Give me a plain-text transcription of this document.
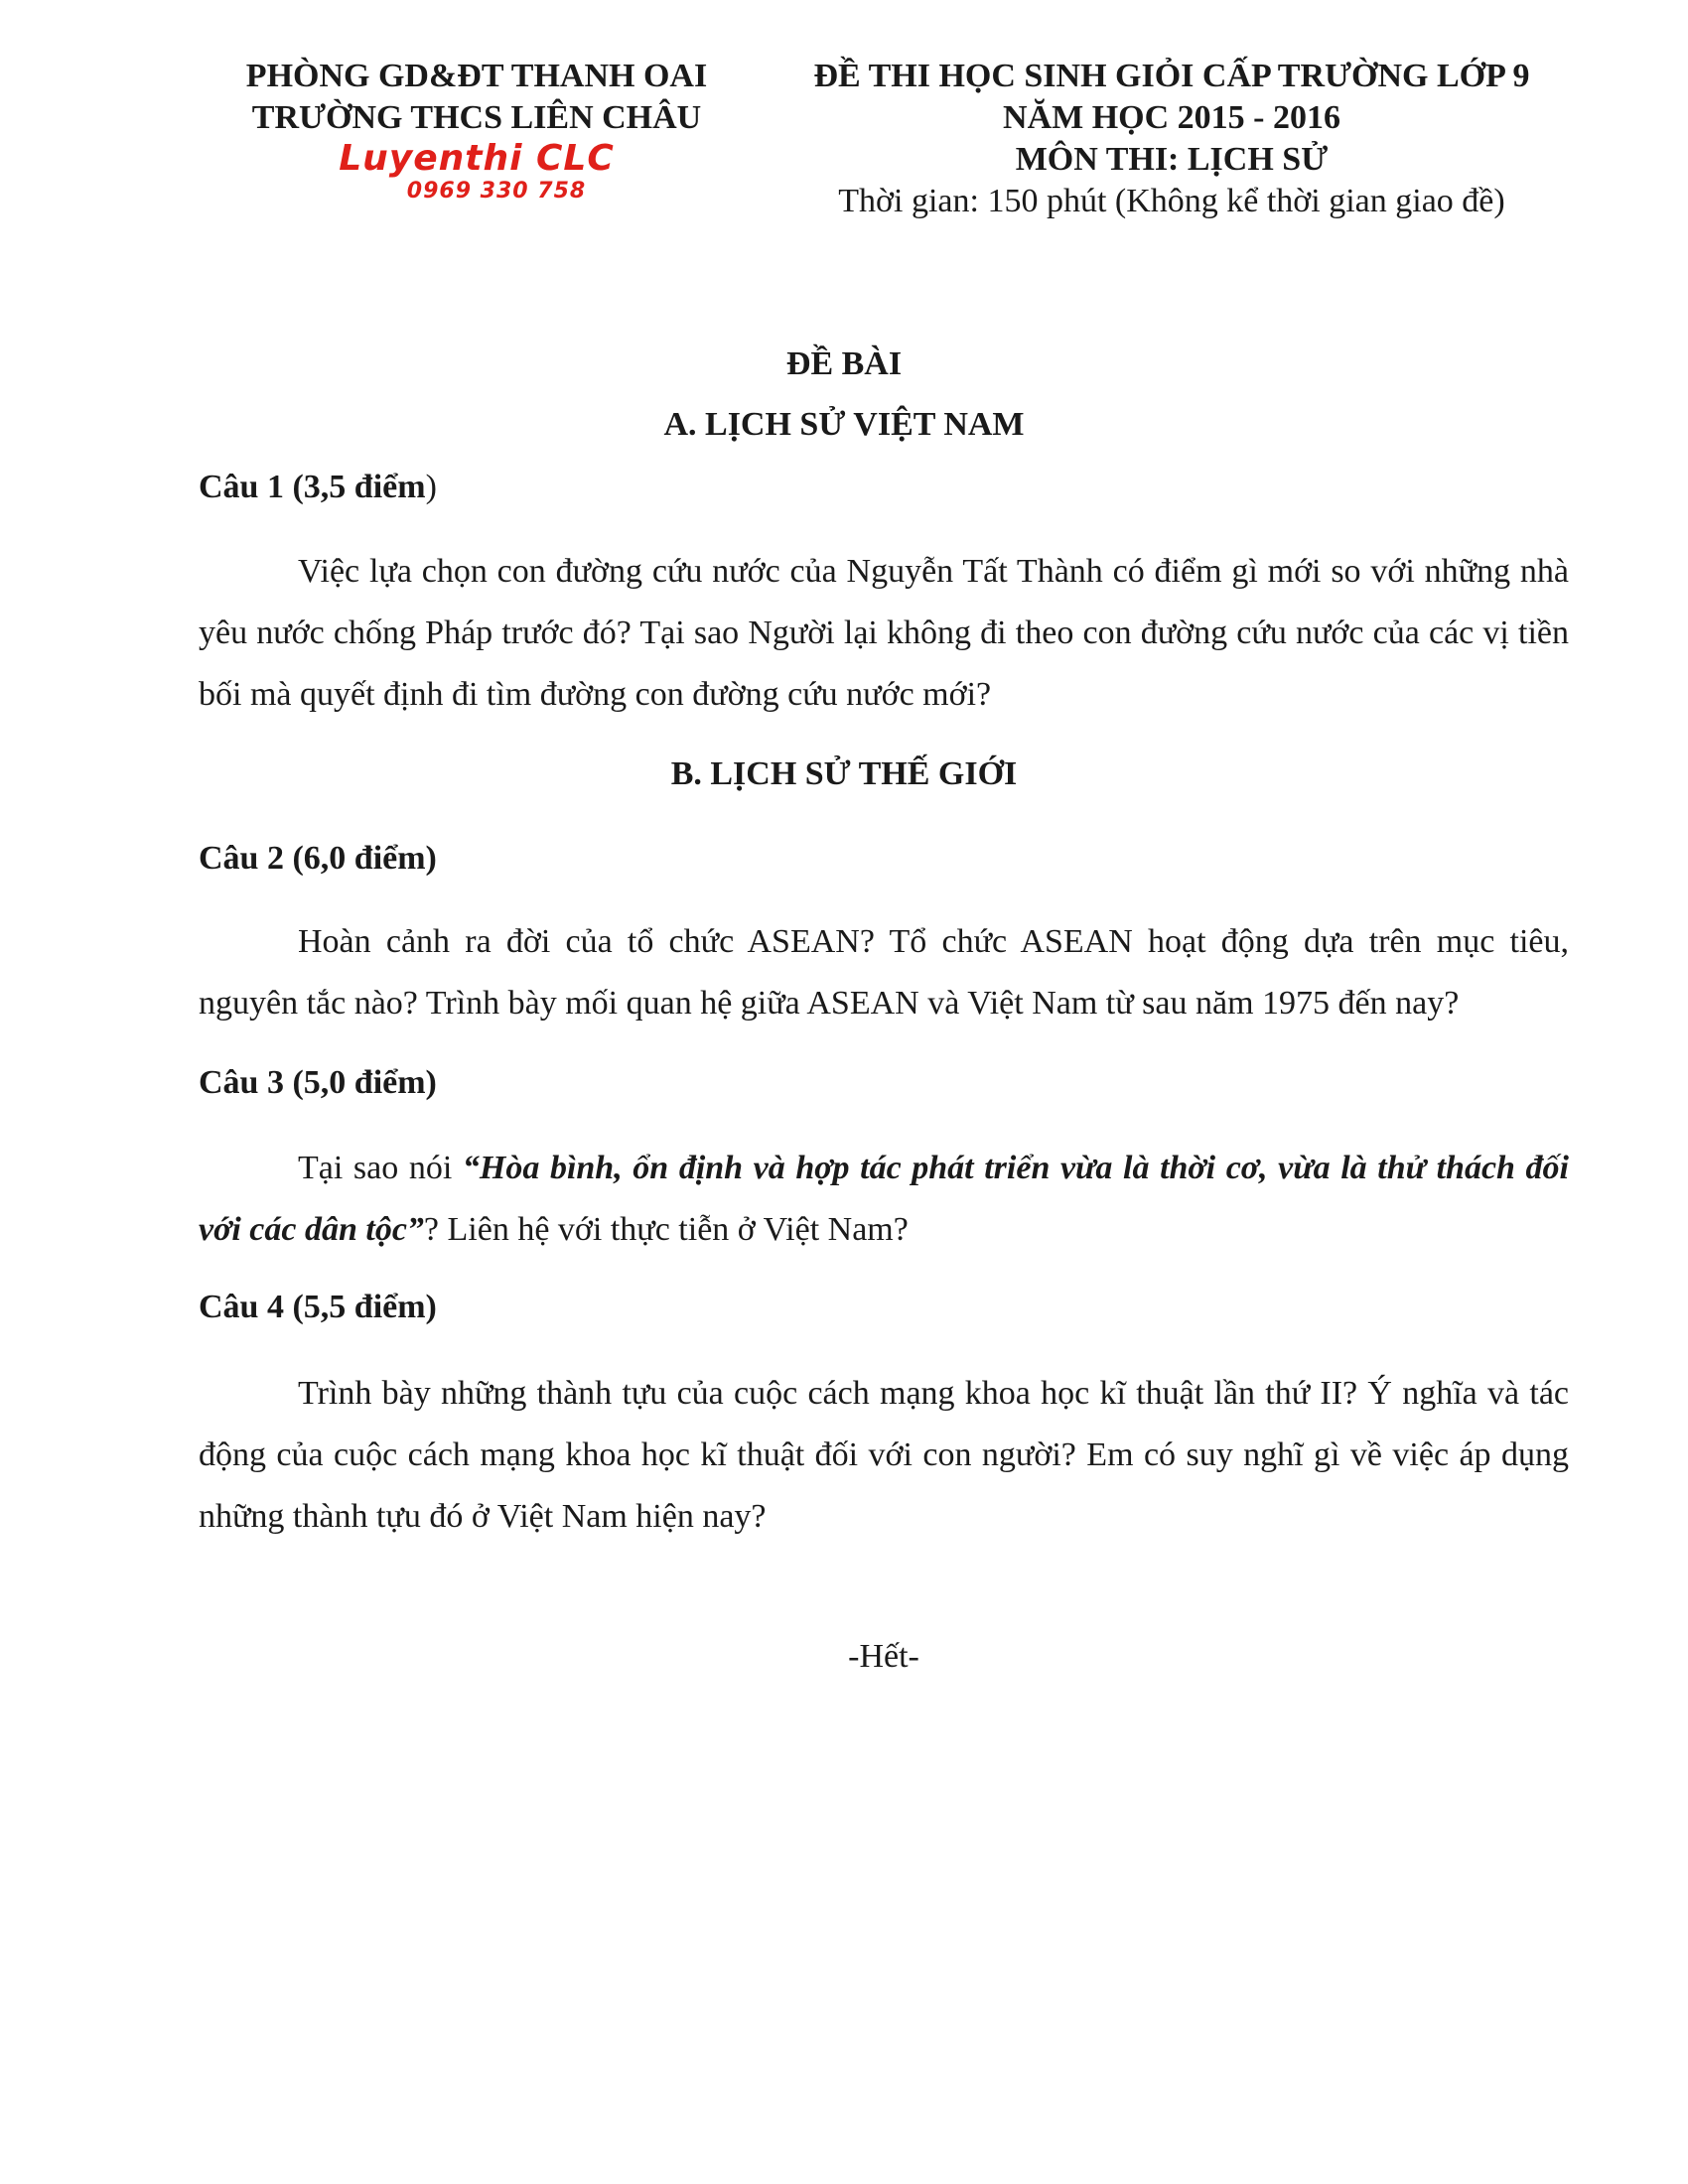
PHÒNG GD&ĐT THANH OAI
TRƯỜNG THCS LIÊN CHÂU
Luyenthi CLC
0969 330 758
ĐỀ THI HỌC SINH GIỎI CẤP TRƯỜNG LỚP 9
NĂM HỌC 2015 - 2016
MÔN THI: LỊCH SỬ
Thời gian: 150 phút (Không kể thời gian giao đề)
ĐỀ BÀI
A. LỊCH SỬ VIỆT NAM
Câu 1 (3,5 điểm)
Việc lựa chọn con đường cứu nước của Nguyễn Tất Thành có điểm gì mới so với những nhà yêu nước chống Pháp trước đó? Tại sao Người lại không đi theo con đường cứu nước của các vị tiền bối mà quyết định đi tìm đường con đường cứu nước mới?
B. LỊCH SỬ THẾ GIỚI
Câu 2 (6,0 điểm)
Hoàn cảnh ra đời của tổ chức ASEAN? Tổ chức ASEAN hoạt động dựa trên mục tiêu, nguyên tắc nào? Trình bày mối quan hệ giữa ASEAN và Việt Nam từ sau năm 1975 đến nay?
Câu 3 (5,0 điểm)
Tại sao nói “Hòa bình, ổn định và hợp tác phát triển vừa là thời cơ, vừa là thử thách đối với các dân tộc”? Liên hệ với thực tiễn ở Việt Nam?
Câu 4 (5,5 điểm)
Trình bày những thành tựu của cuộc cách mạng khoa học kĩ thuật lần thứ II? Ý nghĩa và tác động của cuộc cách mạng khoa học kĩ thuật đối với con người? Em có suy nghĩ gì về việc áp dụng những thành tựu đó ở Việt Nam hiện nay?
-Hết-
